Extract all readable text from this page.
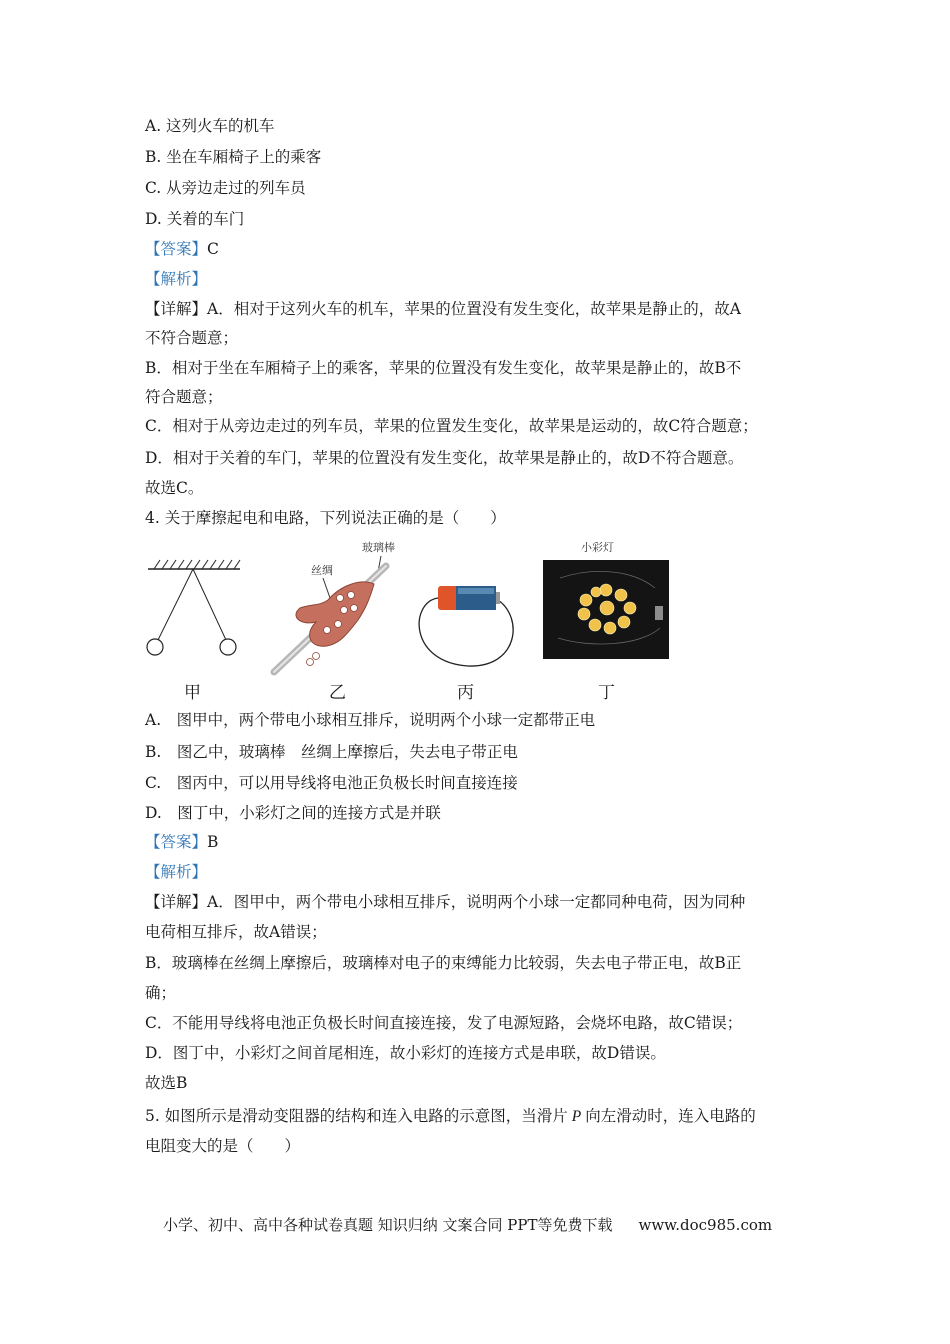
A. 这列火车的机车
B. 坐在车厢椅子上的乘客
C. 从旁边走过的列车员
D. 关着的车门
【答案】C
【解析】
【详解】A．相对于这列火车的机车，苹果的位置没有发生变化，故苹果是静止的，故A
不符合题意；
B．相对于坐在车厢椅子上的乘客，苹果的位置没有发生变化，故苹果是静止的，故B不
符合题意；
C．相对于从旁边走过的列车员，苹果的位置发生变化，故苹果是运动的，故C符合题意；
D．相对于关着的车门，苹果的位置没有发生变化，故苹果是静止的，故D不符合题意。
故选C。
4. 关于摩擦起电和电路，下列说法正确的是（　　）
玻璃棒
丝绸
小彩灯
甲	乙	丙	丁
A.　图甲中，两个带电小球相互排斥，说明两个小球一定都带正电
B.　图乙中，玻璃棒　丝绸上摩擦后，失去电子带正电
C.　图丙中，可以用导线将电池正负极长时间直接连接
D.　图丁中，小彩灯之间的连接方式是并联
【答案】B
【解析】
【详解】A．图甲中，两个带电小球相互排斥，说明两个小球一定都同种电荷，因为同种
电荷相互排斥，故A错误；
B．玻璃棒在丝绸上摩擦后，玻璃棒对电子的束缚能力比较弱，失去电子带正电，故B正
确；
C．不能用导线将电池正负极长时间直接连接，发了电源短路，会烧坏电路，故C错误；
D．图丁中，小彩灯之间首尾相连，故小彩灯的连接方式是串联，故D错误。
故选B
5. 如图所示是滑动变阻器的结构和连入电路的示意图，当滑片 P 向左滑动时，连入电路的
电阻变大的是（　　）
小学、初中、高中各种试卷真题 知识归纳 文案合同 PPT等免费下载 www.doc985.com
